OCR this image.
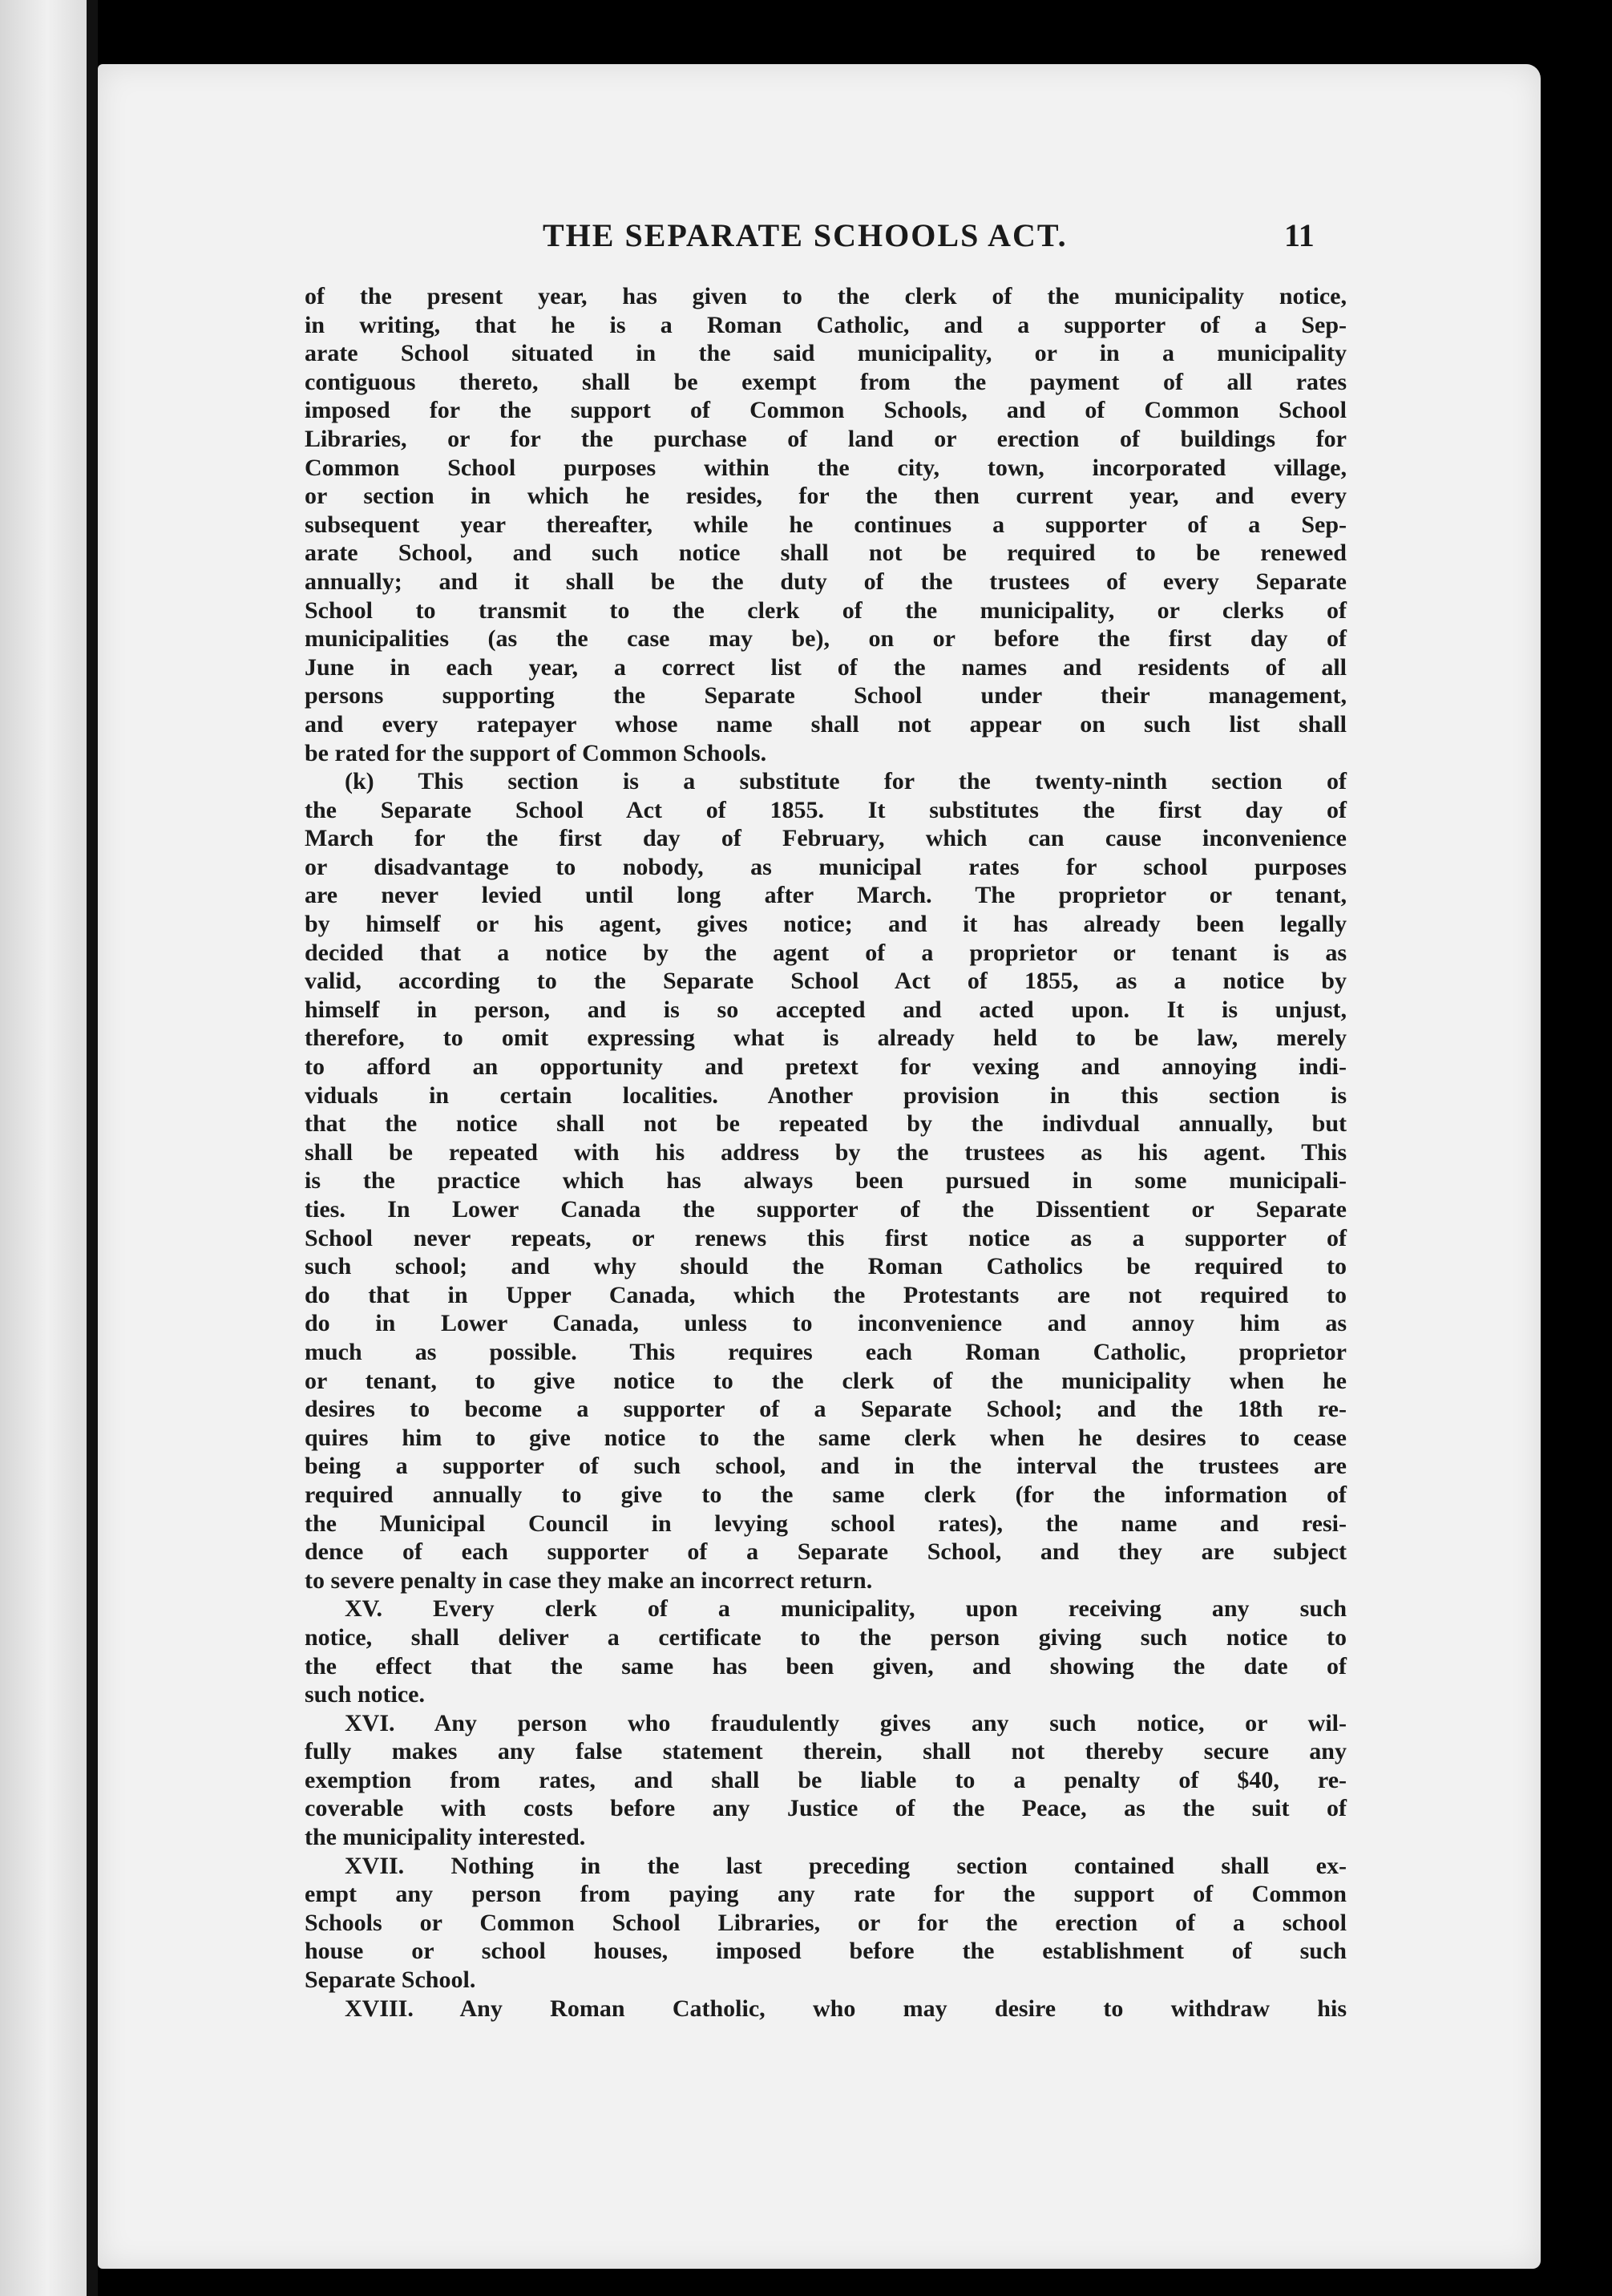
THE SEPARATE SCHOOLS ACT.	11
of the present year, has given to the clerk of the municipality notice,
in writing, that he is a Roman Catholic, and a supporter of a Sep-
arate School situated in the said municipality, or in a municipality
contiguous thereto, shall be exempt from the payment of all rates
imposed for the support of Common Schools, and of Common School
Libraries, or for the purchase of land or erection of buildings for
Common School purposes within the city, town, incorporated village,
or section in which he resides, for the then current year, and every
subsequent year thereafter, while he continues a supporter of a Sep-
arate School, and such notice shall not be required to be renewed
annually; and it shall be the duty of the trustees of every Separate
School to transmit to the clerk of the municipality, or clerks of
municipalities (as the case may be), on or before the first day of
June in each year, a correct list of the names and residents of all
persons supporting the Separate School under their management,
and every ratepayer whose name shall not appear on such list shall
be rated for the support of Common Schools.
(k) This section is a substitute for the twenty-ninth section of
the Separate School Act of 1855. It substitutes the first day of
March for the first day of February, which can cause inconvenience
or disadvantage to nobody, as municipal rates for school purposes
are never levied until long after March. The proprietor or tenant,
by himself or his agent, gives notice; and it has already been legally
decided that a notice by the agent of a proprietor or tenant is as
valid, according to the Separate School Act of 1855, as a notice by
himself in person, and is so accepted and acted upon. It is unjust,
therefore, to omit expressing what is already held to be law, merely
to afford an opportunity and pretext for vexing and annoying indi-
viduals in certain localities. Another provision in this section is
that the notice shall not be repeated by the indivdual annually, but
shall be repeated with his address by the trustees as his agent. This
is the practice which has always been pursued in some municipali-
ties. In Lower Canada the supporter of the Dissentient or Separate
School never repeats, or renews this first notice as a supporter of
such school; and why should the Roman Catholics be required to
do that in Upper Canada, which the Protestants are not required to
do in Lower Canada, unless to inconvenience and annoy him as
much as possible. This requires each Roman Catholic, proprietor
or tenant, to give notice to the clerk of the municipality when he
desires to become a supporter of a Separate School; and the 18th re-
quires him to give notice to the same clerk when he desires to cease
being a supporter of such school, and in the interval the trustees are
required annually to give to the same clerk (for the information of
the Municipal Council in levying school rates), the name and resi-
dence of each supporter of a Separate School, and they are subject
to severe penalty in case they make an incorrect return.
XV. Every clerk of a municipality, upon receiving any such
notice, shall deliver a certificate to the person giving such notice to
the effect that the same has been given, and showing the date of
such notice.
XVI. Any person who fraudulently gives any such notice, or wil-
fully makes any false statement therein, shall not thereby secure any
exemption from rates, and shall be liable to a penalty of $40, re-
coverable with costs before any Justice of the Peace, as the suit of
the municipality interested.
XVII. Nothing in the last preceding section contained shall ex-
empt any person from paying any rate for the support of Common
Schools or Common School Libraries, or for the erection of a school
house or school houses, imposed before the establishment of such
Separate School.
XVIII. Any Roman Catholic, who may desire to withdraw his
